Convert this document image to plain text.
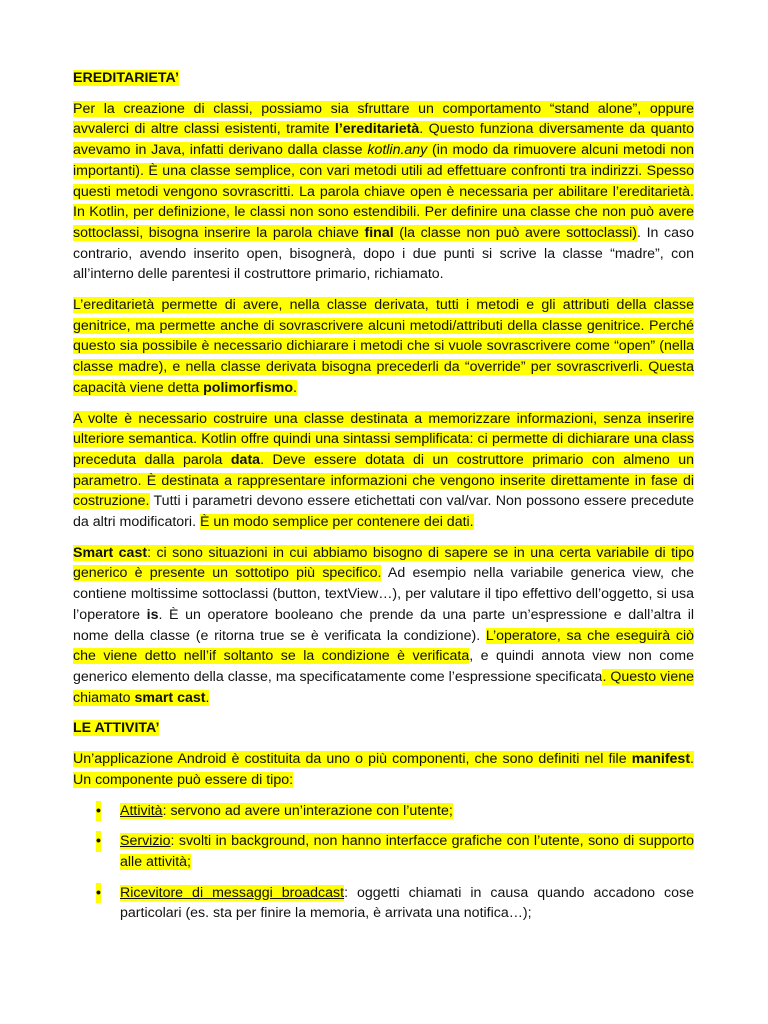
EREDITARIETA’

Per la creazione di classi, possiamo sia sfruttare un comportamento “stand alone”, oppure avvalerci di altre classi esistenti, tramite l’ereditarietà. Questo funziona diversamente da quanto avevamo in Java, infatti derivano dalla classe kotlin.any (in modo da rimuovere alcuni metodi non importanti). È una classe semplice, con vari metodi utili ad effettuare confronti tra indirizzi. Spesso questi metodi vengono sovrascritti. La parola chiave open è necessaria per abilitare l’ereditarietà. In Kotlin, per definizione, le classi non sono estendibili. Per definire una classe che non può avere sottoclassi, bisogna inserire la parola chiave final (la classe non può avere sottoclassi). In caso contrario, avendo inserito open, bisognerà, dopo i due punti si scrive la classe “madre”, con all’interno delle parentesi il costruttore primario, richiamato.

L’ereditarietà permette di avere, nella classe derivata, tutti i metodi e gli attributi della classe genitrice, ma permette anche di sovrascrivere alcuni metodi/attributi della classe genitrice. Perché questo sia possibile è necessario dichiarare i metodi che si vuole sovrascrivere come “open” (nella classe madre), e nella classe derivata bisogna precederli da “override” per sovrascriverli. Questa capacità viene detta polimorfismo.

A volte è necessario costruire una classe destinata a memorizzare informazioni, senza inserire ulteriore semantica. Kotlin offre quindi una sintassi semplificata: ci permette di dichiarare una class preceduta dalla parola data. Deve essere dotata di un costruttore primario con almeno un parametro. È destinata a rappresentare informazioni che vengono inserite direttamente in fase di costruzione. Tutti i parametri devono essere etichettati con val/var. Non possono essere precedute da altri modificatori. È un modo semplice per contenere dei dati.

Smart cast: ci sono situazioni in cui abbiamo bisogno di sapere se in una certa variabile di tipo generico è presente un sottotipo più specifico. Ad esempio nella variabile generica view, che contiene moltissime sottoclassi (button, textView…), per valutare il tipo effettivo dell’oggetto, si usa l’operatore is. È un operatore booleano che prende da una parte un’espressione e dall’altra il nome della classe (e ritorna true se è verificata la condizione). L’operatore, sa che eseguirà ciò che viene detto nell’if soltanto se la condizione è verificata, e quindi annota view non come generico elemento della classe, ma specificatamente come l’espressione specificata. Questo viene chiamato smart cast.

LE ATTIVITA’

Un’applicazione Android è costituita da uno o più componenti, che sono definiti nel file manifest. Un componente può essere di tipo:

• Attività: servono ad avere un’interazione con l’utente;
• Servizio: svolti in background, non hanno interfacce grafiche con l’utente, sono di supporto alle attività;
• Ricevitore di messaggi broadcast: oggetti chiamati in causa quando accadono cose particolari (es. sta per finire la memoria, è arrivata una notifica…);
